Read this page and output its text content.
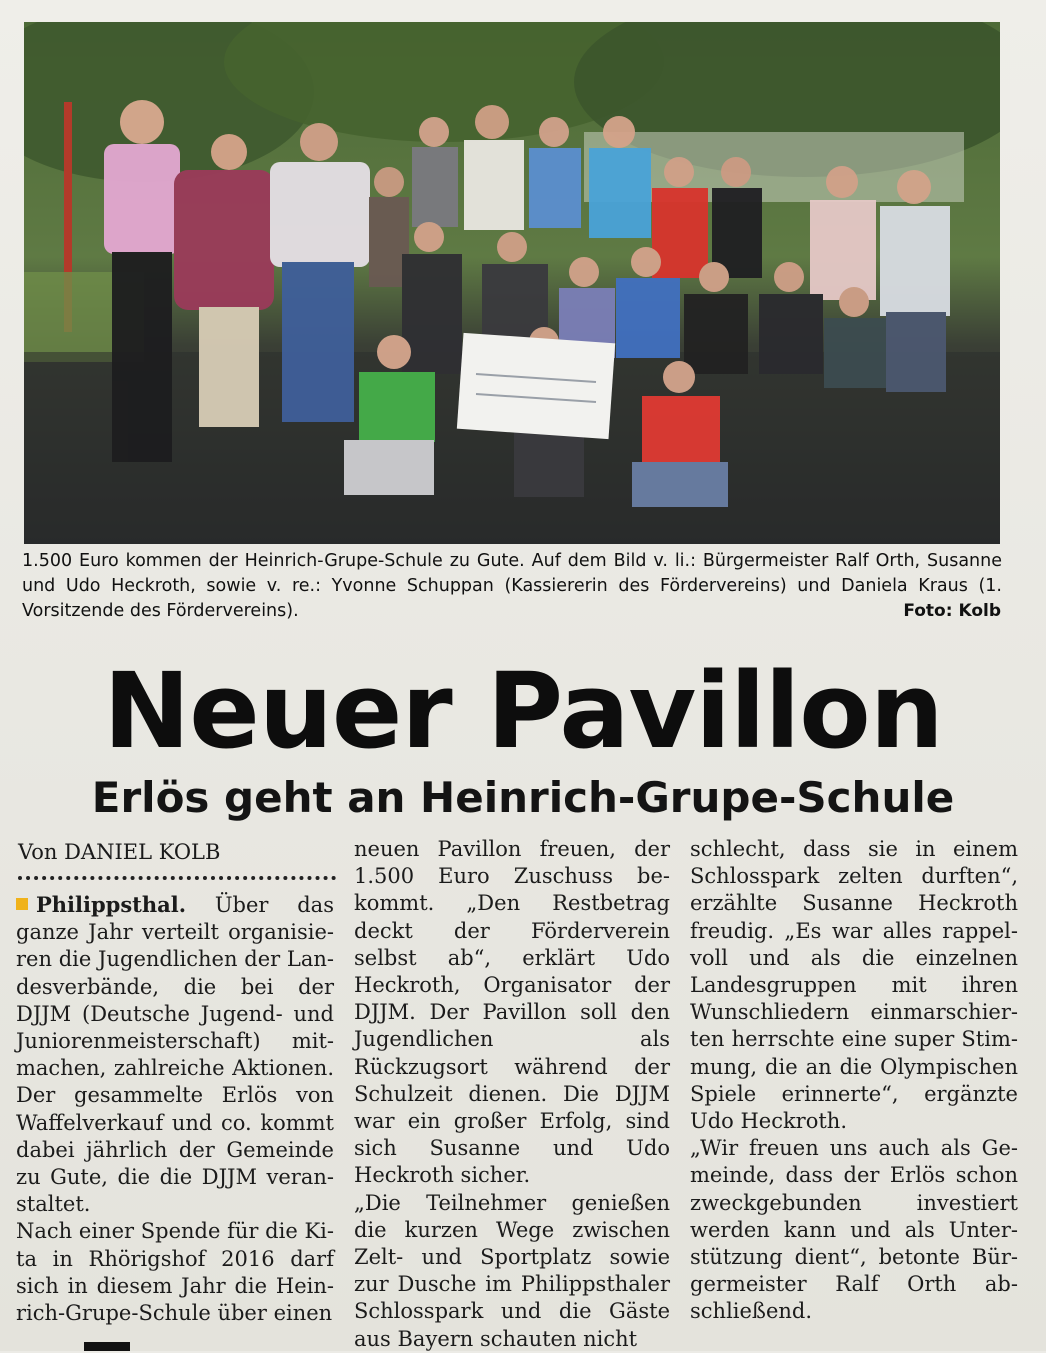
1.500 Euro kommen der Heinrich-Grupe-Schule zu Gute. Auf dem Bild v. li.: Bürgermeister Ralf Orth, Susanne und Udo Heckroth, sowie v. re.: Yvonne Schuppan (Kassiererin des Fördervereins) und Daniela Kraus (1. Vorsitzende des Fördervereins).	Foto: Kolb
Neuer Pavillon
Erlös geht an Heinrich-Grupe-Schule
Von DANIEL KOLB

Philippsthal. Über das ganze Jahr verteilt organisieren die Jugendlichen der Landesverbände, die bei der DJJM (Deutsche Jugend- und Juniorenmeisterschaft) mitmachen, zahlreiche Aktionen. Der gesammelte Erlös von Waffelverkauf und co. kommt dabei jährlich der Gemeinde zu Gute, die die DJJM veranstaltet.

Nach einer Spende für die Kita in Rhörigshof 2016 darf sich in diesem Jahr die Heinrich-Grupe-Schule über einen

neuen Pavillon freuen, der 1.500 Euro Zuschuss bekommt. „Den Restbetrag deckt der Förderverein selbst ab“, erklärt Udo Heckroth, Organisator der DJJM. Der Pavillon soll den Jugendlichen als Rückzugsort während der Schulzeit dienen. Die DJJM war ein großer Erfolg, sind sich Susanne und Udo Heckroth sicher.

„Die Teilnehmer genießen die kurzen Wege zwischen Zelt- und Sportplatz sowie zur Dusche im Philippsthaler Schlosspark und die Gäste aus Bayern schauten nicht

schlecht, dass sie in einem Schlosspark zelten durften“, erzählte Susanne Heckroth freudig. „Es war alles rappelvoll und als die einzelnen Landesgruppen mit ihren Wunschliedern einmarschierten herrschte eine super Stimmung, die an die Olympischen Spiele erinnerte“, ergänzte Udo Heckroth.

„Wir freuen uns auch als Gemeinde, dass der Erlös schon zweckgebunden investiert werden kann und als Unterstützung dient“, betonte Bürgermeister Ralf Orth abschließend.
